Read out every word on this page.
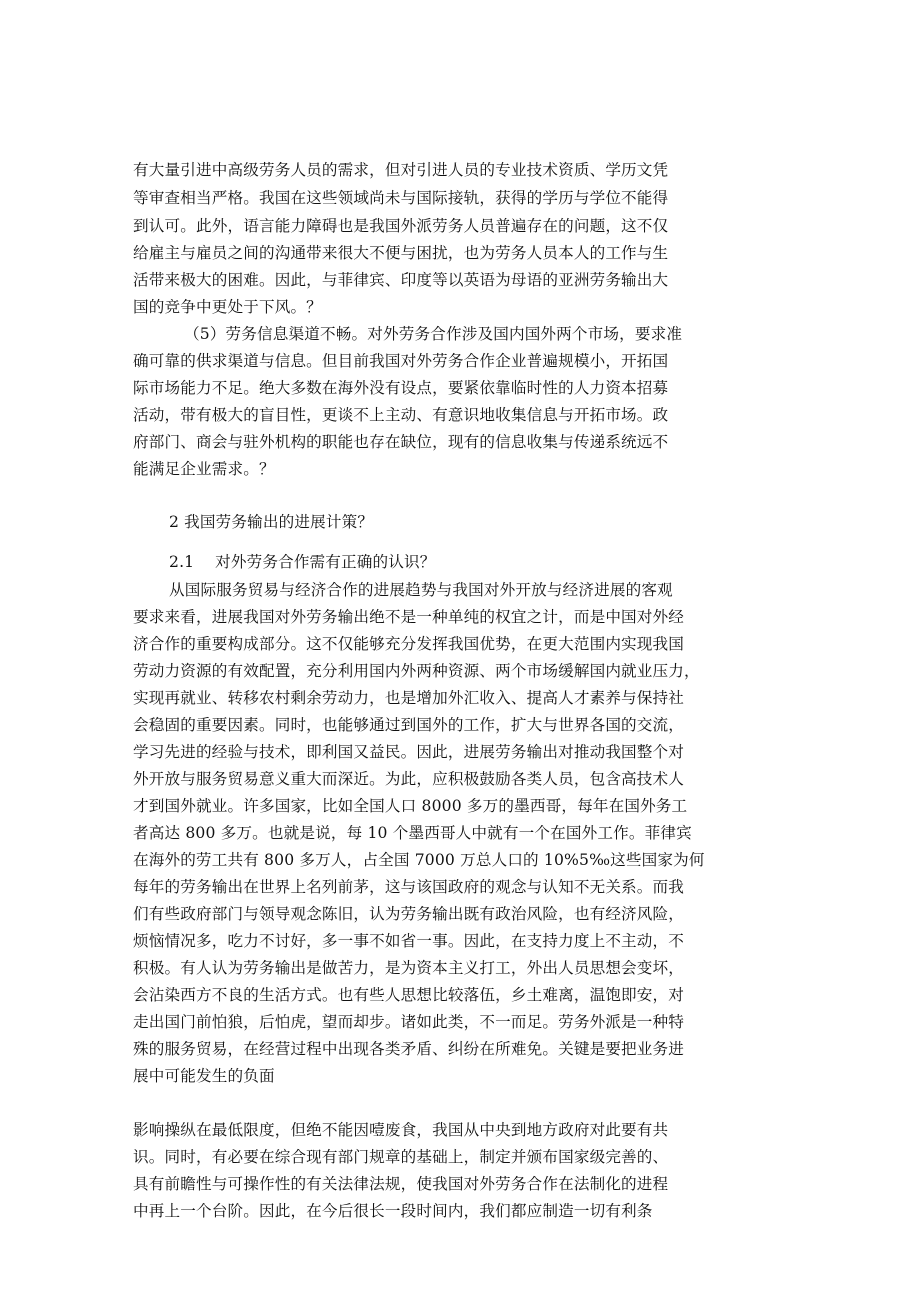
有大量引进中高级劳务人员的需求，但对引进人员的专业技术资质、学历文凭
等审查相当严格。我国在这些领域尚未与国际接轨，获得的学历与学位不能得
到认可。此外，语言能力障碍也是我国外派劳务人员普遍存在的问题，这不仅
给雇主与雇员之间的沟通带来很大不便与困扰，也为劳务人员本人的工作与生
活带来极大的困难。因此，与菲律宾、印度等以英语为母语的亚洲劳务输出大
国的竞争中更处于下风。？
（5）劳务信息渠道不畅。对外劳务合作涉及国内国外两个市场，要求准
确可靠的供求渠道与信息。但目前我国对外劳务合作企业普遍规模小，开拓国
际市场能力不足。绝大多数在海外没有设点，要紧依靠临时性的人力资本招募
活动，带有极大的盲目性，更谈不上主动、有意识地收集信息与开拓市场。政
府部门、商会与驻外机构的职能也存在缺位，现有的信息收集与传递系统远不
能满足企业需求。？
2 我国劳务输出的进展计策？
2.1　 对外劳务合作需有正确的认识？
从国际服务贸易与经济合作的进展趋势与我国对外开放与经济进展的客观
要求来看，进展我国对外劳务输出绝不是一种单纯的权宜之计，而是中国对外经
济合作的重要构成部分。这不仅能够充分发挥我国优势，在更大范围内实现我国
劳动力资源的有效配置，充分利用国内外两种资源、两个市场缓解国内就业压力，
实现再就业、转移农村剩余劳动力，也是增加外汇收入、提高人才素养与保持社
会稳固的重要因素。同时，也能够通过到国外的工作，扩大与世界各国的交流，
学习先进的经验与技术，即利国又益民。因此，进展劳务输出对推动我国整个对
外开放与服务贸易意义重大而深近。为此，应积极鼓励各类人员，包含高技术人
才到国外就业。许多国家，比如全国人口 8000 多万的墨西哥，每年在国外务工
者高达 800 多万。也就是说，每 10 个墨西哥人中就有一个在国外工作。菲律宾
在海外的劳工共有 800 多万人，占全国 7000 万总人口的 10%5‰这些国家为何
每年的劳务输出在世界上名列前茅，这与该国政府的观念与认知不无关系。而我
们有些政府部门与领导观念陈旧，认为劳务输出既有政治风险，也有经济风险，
烦恼情况多，吃力不讨好，多一事不如省一事。因此，在支持力度上不主动，不
积极。有人认为劳务输出是做苦力，是为资本主义打工，外出人员思想会变坏，
会沾染西方不良的生活方式。也有些人思想比较落伍，乡土难离，温饱即安，对
走出国门前怕狼，后怕虎，望而却步。诸如此类，不一而足。劳务外派是一种特
殊的服务贸易，在经营过程中出现各类矛盾、纠纷在所难免。关键是要把业务进
展中可能发生的负面
影响操纵在最低限度，但绝不能因噎废食，我国从中央到地方政府对此要有共
识。同时，有必要在综合现有部门规章的基础上，制定并颁布国家级完善的、
具有前瞻性与可操作性的有关法律法规，使我国对外劳务合作在法制化的进程
中再上一个台阶。因此，在今后很长一段时间内，我们都应制造一切有利条
